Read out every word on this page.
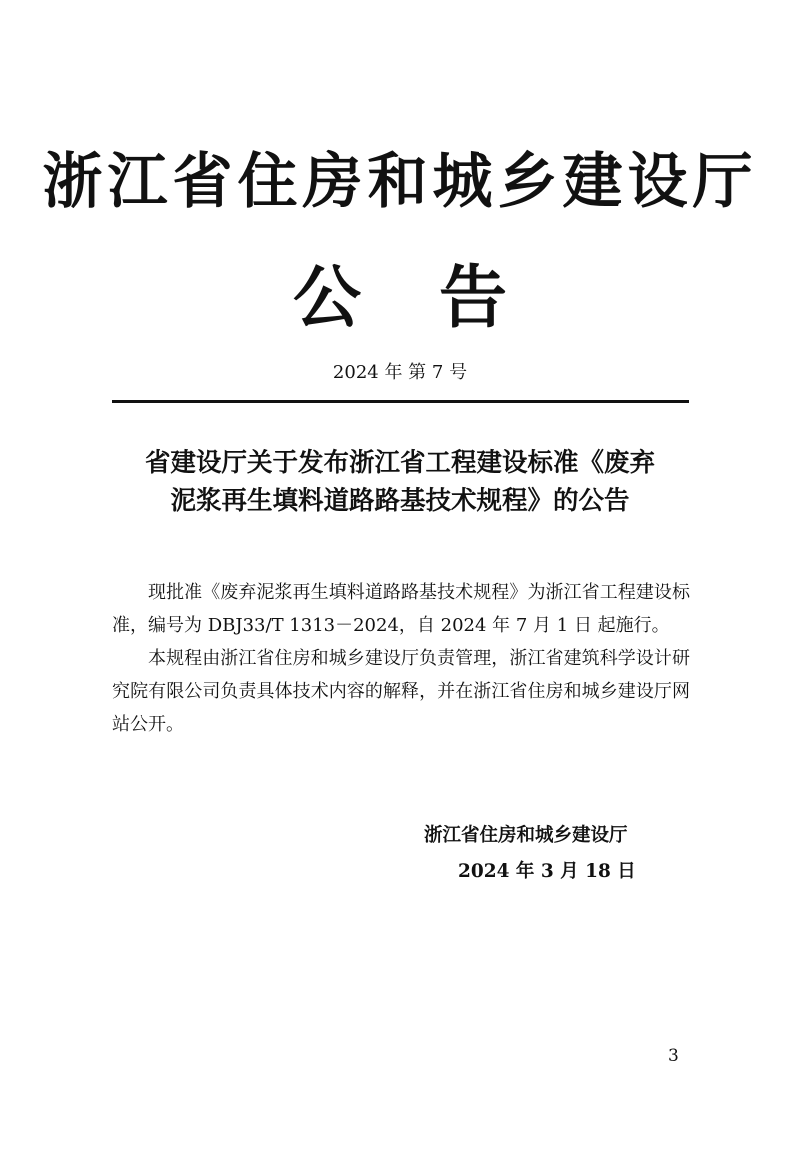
浙江省住房和城乡建设厅
公告
2024 年 第 7 号
省建设厅关于发布浙江省工程建设标准《废弃
泥浆再生填料道路路基技术规程》的公告

现批准《废弃泥浆再生填料道路路基技术规程》为浙江省工程建设标准，编号为 DBJ33/T 1313－2024，自 2024 年 7 月 1 日 起施行。

本规程由浙江省住房和城乡建设厅负责管理，浙江省建筑科学设计研究院有限公司负责具体技术内容的解释，并在浙江省住房和城乡建设厅网站公开。

浙江省住房和城乡建设厅
2024 年 3 月 18 日
3
